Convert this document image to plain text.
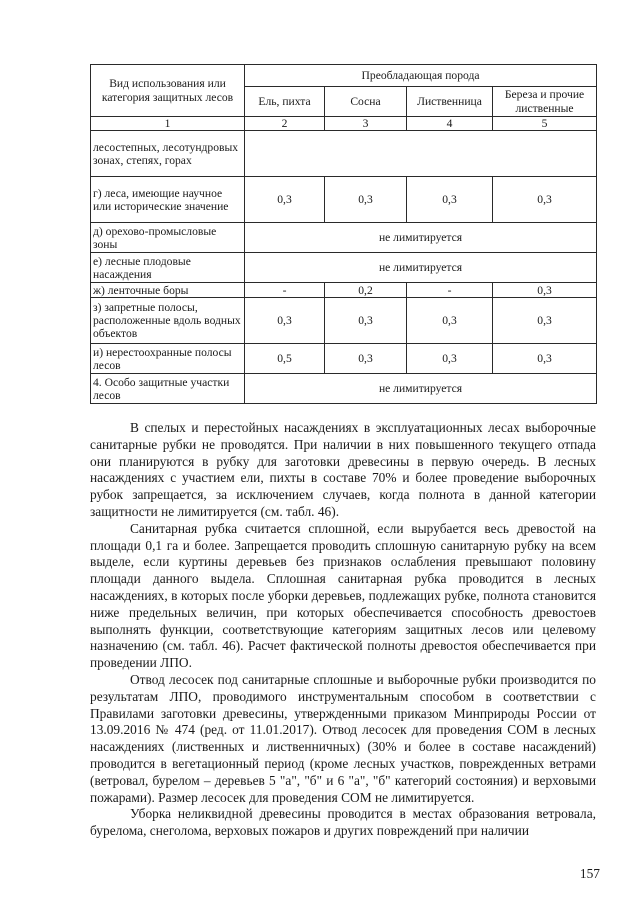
Вид использования или категория защитных лесов	Преобладающая порода			
	Ель, пихта	Сосна	Лиственница	Береза и прочие лиственные
1	2	3	4	5
лесостепных, лесотундровых зонах, степях, горах				
г) леса, имеющие научное или исторические значение	0,3	0,3	0,3	0,3
д) орехово-промысловые зоны	не лимитируется			
е) лесные плодовые насаждения	не лимитируется			
ж) ленточные боры	-	0,2	-	0,3
з) запретные полосы, расположенные вдоль водных объектов	0,3	0,3	0,3	0,3
и) нерестоохранные полосы лесов	0,5	0,3	0,3	0,3
4. Особо защитные участки лесов	не лимитируется			

В спелых и перестойных насаждениях в эксплуатационных лесах выборочные санитарные рубки не проводятся. При наличии в них повышенного текущего отпада они планируются в рубку для заготовки древесины в первую очередь. В лесных насаждениях с участием ели, пихты в составе 70% и более проведение выборочных рубок запрещается, за исключением случаев, когда полнота в данной категории защитности не лимитируется (см. табл. 46).

Санитарная рубка считается сплошной, если вырубается весь древостой на площади 0,1 га и более. Запрещается проводить сплошную санитарную рубку на всем выделе, если куртины деревьев без признаков ослабления превышают половину площади данного выдела. Сплошная санитарная рубка проводится в лесных насаждениях, в которых после уборки деревьев, подлежащих рубке, полнота становится ниже предельных величин, при которых обеспечивается способность древостоев выполнять функции, соответствующие категориям защитных лесов или целевому назначению (см. табл. 46). Расчет фактической полноты древостоя обеспечивается при проведении ЛПО.

Отвод лесосек под санитарные сплошные и выборочные рубки производится по результатам ЛПО, проводимого инструментальным способом в соответствии с Правилами заготовки древесины, утвержденными приказом Минприроды России от 13.09.2016 № 474 (ред. от 11.01.2017). Отвод лесосек для проведения СОМ в лесных насаждениях (лиственных и лиственничных) (30% и более в составе насаждений) проводится в вегетационный период (кроме лесных участков, поврежденных ветрами (ветровал, бурелом – деревьев 5 "а", "б" и 6 "а", "б" категорий состояния) и верховыми пожарами). Размер лесосек для проведения СОМ не лимитируется.

Уборка неликвидной древесины проводится в местах образования ветровала, бурелома, снеголома, верховых пожаров и других повреждений при наличии

157
